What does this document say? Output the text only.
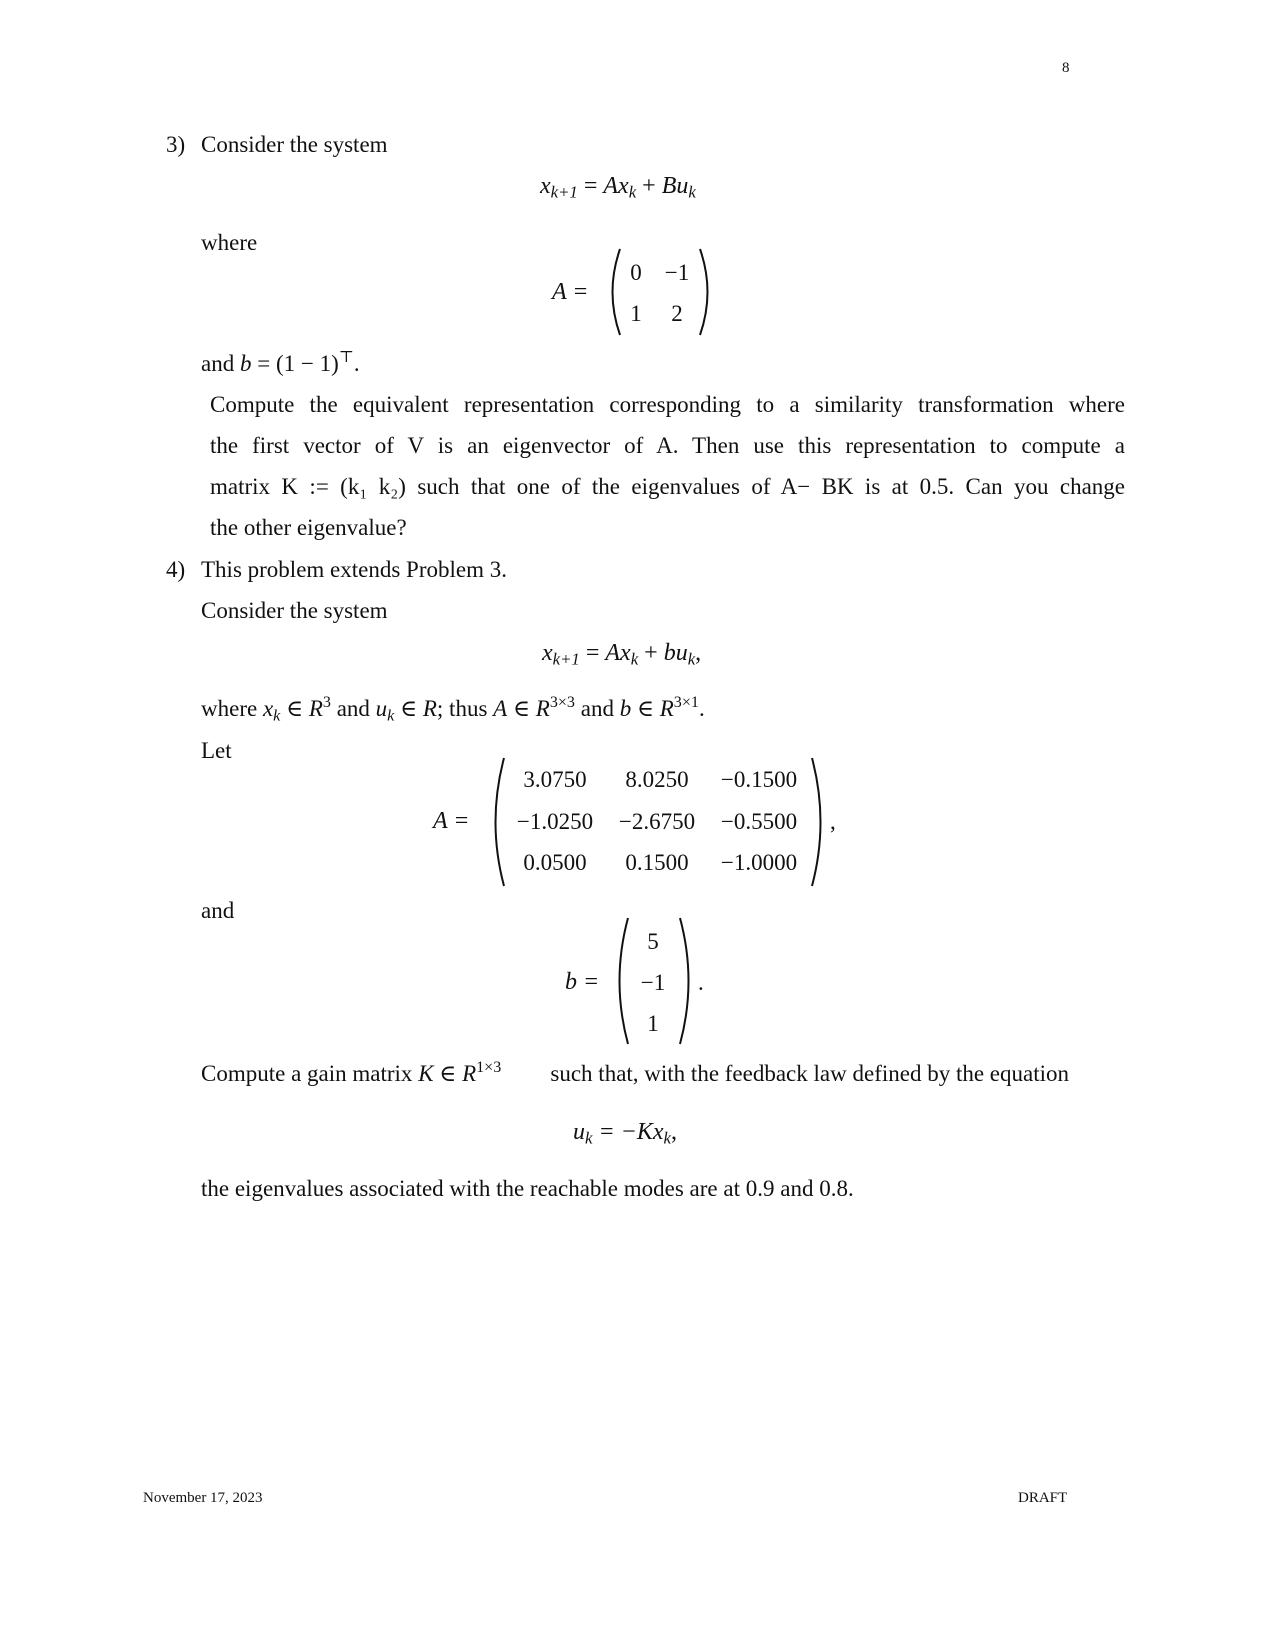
8
3) Consider the system
$x_{k+1} = Ax_k + Bu_k$
where
A =
0	−1
1	2
and b = (1 − 1)⊤.
Compute the equivalent representation corresponding to a similarity transformation where
the first vector of V is an eigenvector of A. Then use this representation to compute a
matrix K := (k₁ k₂) such that one of the eigenvalues of A− BK is at 0.5. Can you change
the other eigenvalue?
4) This problem extends Problem 3.
Consider the system
$x_{k+1} = Ax_k + bu_k$,
where $x_k$ ∈ $R^3$ and $u_k$ ∈ R; thus A ∈ $R^{3\times 3}$ and b ∈ $R^{3\times 1}$.
Let
A =
3.0750	8.0250	−0.1500
−1.0250	−2.6750	−0.5500
0.0500	0.1500	−1.0000
,
and
b =
5
−1
1
.
Compute a gain matrix K ∈ $R^{1\times 3}$ such that, with the feedback law defined by the equation
$u_k = -Kx_k$,
the eigenvalues associated with the reachable modes are at 0.9 and 0.8.
November 17, 2023	DRAFT
